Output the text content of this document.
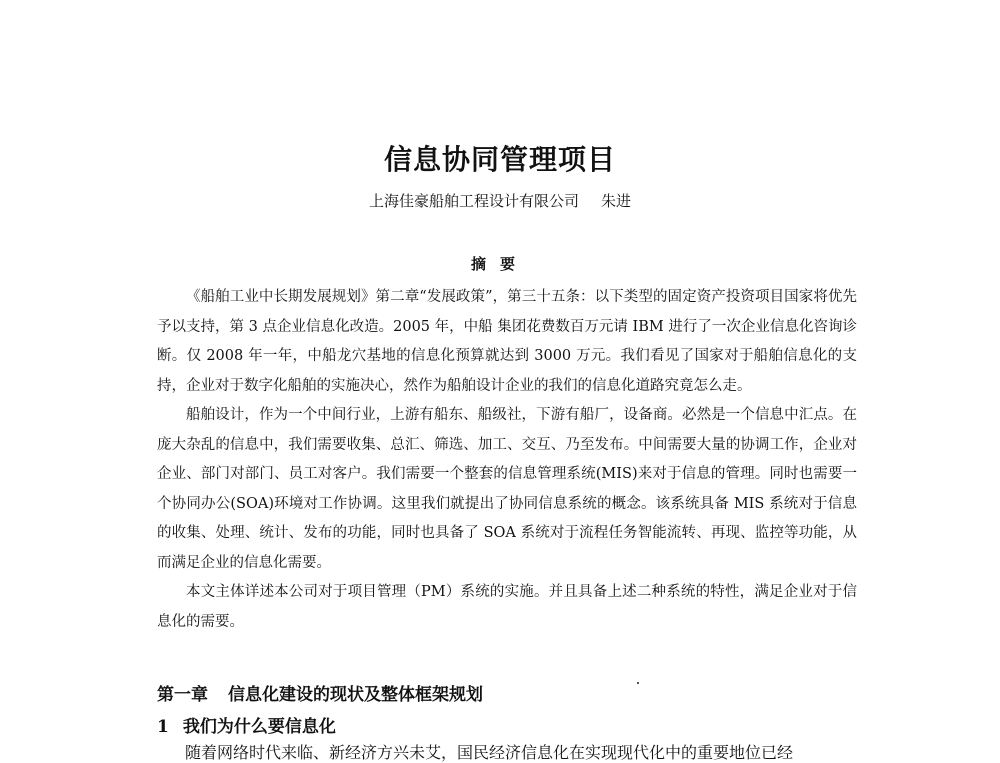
信息协同管理项目
上海佳豪船舶工程设计有限公司 朱进
摘要

《船舶工业中长期发展规划》第二章“发展政策”，第三十五条：以下类型的固定资产投资项目国家将优先予以支持，第 3 点企业信息化改造。2005 年，中船 集团花费数百万元请 IBM 进行了一次企业信息化咨询诊断。仅 2008 年一年，中船龙穴基地的信息化预算就达到 3000 万元。我们看见了国家对于船舶信息化的支持，企业对于数字化船舶的实施决心，然作为船舶设计企业的我们的信息化道路究竟怎么走。

船舶设计，作为一个中间行业，上游有船东、船级社，下游有船厂，设备商。必然是一个信息中汇点。在庞大杂乱的信息中，我们需要收集、总汇、筛选、加工、交互、乃至发布。中间需要大量的协调工作，企业对企业、部门对部门、员工对客户。我们需要一个整套的信息管理系统(MIS)来对于信息的管理。同时也需要一个协同办公(SOA)环境对工作协调。这里我们就提出了协同信息系统的概念。该系统具备 MIS 系统对于信息的收集、处理、统计、发布的功能，同时也具备了 SOA 系统对于流程任务智能流转、再现、监控等功能，从而满足企业的信息化需要。

本文主体详述本公司对于项目管理（PM）系统的实施。并且具备上述二种系统的特性，满足企业对于信息化的需要。

第一章 信息化建设的现状及整体框架规划
1 我们为什么要信息化
随着网络时代来临、新经济方兴未艾，国民经济信息化在实现现代化中的重要地位已经
